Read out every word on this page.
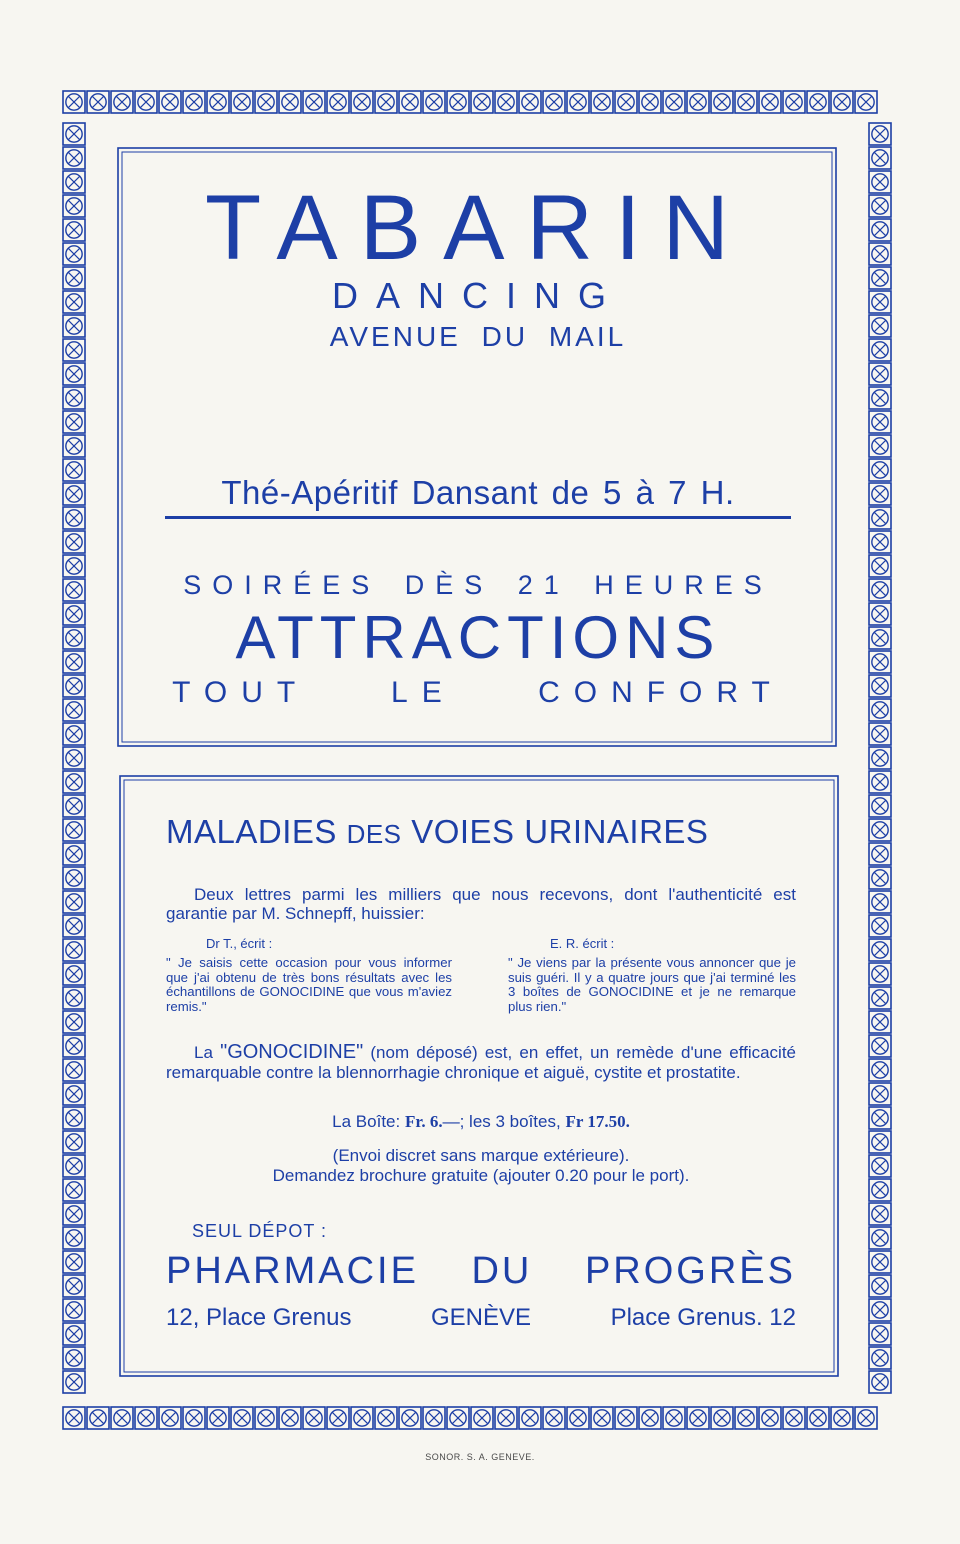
TABARIN
DANCING
AVENUE DU MAIL
Thé-Apéritif Dansant de 5 à 7 H.
SOIRÉES DÈS 21 HEURES
ATTRACTIONS
TOUT LE CONFORT
MALADIES DES VOIES URINAIRES
Deux lettres parmi les milliers que nous recevons, dont l'authenticité est garantie par M. Schnepff, huissier:
Dr T., écrit :
" Je saisis cette occasion pour vous informer que j'ai obtenu de très bons résultats avec les échantillons de GONOCIDINE que vous m'aviez remis."
E. R. écrit :
" Je viens par la présente vous annoncer que je suis guéri. Il y a quatre jours que j'ai terminé les 3 boîtes de GONOCIDINE et je ne remarque plus rien."

La "GONOCIDINE" (nom déposé) est, en effet, un remède d'une efficacité remarquable contre la blennorrhagie chronique et aiguë, cystite et prostatite.

La Boîte: Fr. 6.—; les 3 boîtes, Fr 17.50.
(Envoi discret sans marque extérieure).
Demandez brochure gratuite (ajouter 0.20 pour le port).
SEUL DÉPOT :
PHARMACIE DU PROGRÈS
12, Place Grenus	GENÈVE	Place Grenus. 12
SONOR. S. A. GENEVE.
